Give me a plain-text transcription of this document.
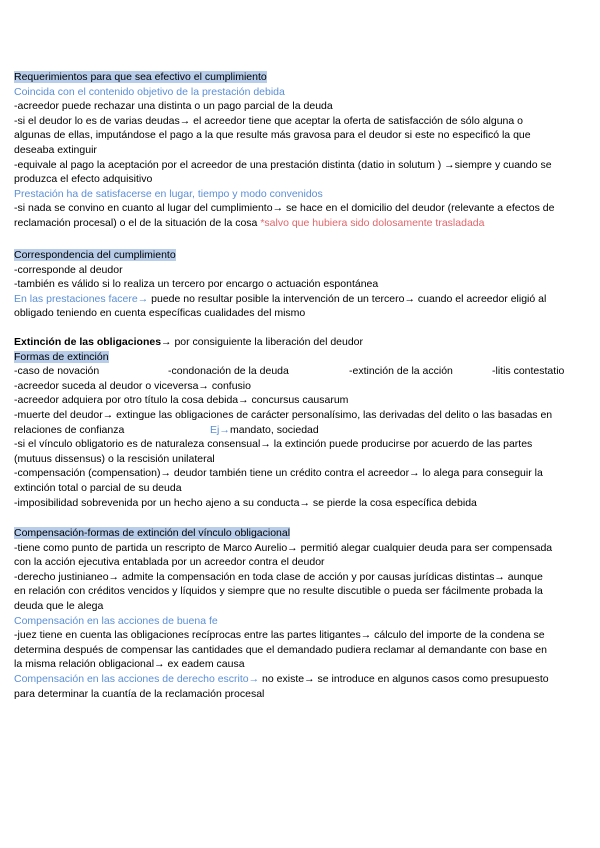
Requerimientos para que sea efectivo el cumplimiento
Coincida con el contenido objetivo de la prestación debida
-acreedor puede rechazar una distinta o un pago parcial de la deuda
-si el deudor lo es de varias deudas→ el acreedor tiene que aceptar la oferta de satisfacción de sólo alguna o
algunas de ellas, imputándose el pago a la que resulte más gravosa para el deudor si este no especificó la que
deseaba extinguir
-equivale al pago la aceptación por el acreedor de una prestación distinta (datio in solutum ) →siempre y cuando se
produzca el efecto adquisitivo
Prestación ha de satisfacerse en lugar, tiempo y modo convenidos
-si nada se convino en cuanto al lugar del cumplimiento→ se hace en el domicilio del deudor (relevante a efectos de
reclamación procesal) o el de la situación de la cosa *salvo que hubiera sido dolosamente trasladada
Correspondencia del cumplimiento
-corresponde al deudor
-también es válido si lo realiza un tercero por encargo o actuación espontánea
En las prestaciones facere→ puede no resultar posible la intervención de un tercero→ cuando el acreedor eligió al
obligado teniendo en cuenta específicas cualidades del mismo
Extinción de las obligaciones→ por consiguiente la liberación del deudor
Formas de extinción
-caso de novación	-condonación de la deuda	-extinción de la acción	-litis contestatio
-acreedor suceda al deudor o viceversa→ confusio
-acreedor adquiera por otro título la cosa debida→ concursus causarum
-muerte del deudor→ extingue las obligaciones de carácter personalísimo, las derivadas del delito o las basadas en
relaciones de confianza	Ej→ mandato, sociedad
-si el vínculo obligatorio es de naturaleza consensual→ la extinción puede producirse por acuerdo de las partes
(mutuus dissensus) o la rescisión unilateral
-compensación (compensation)→ deudor también tiene un crédito contra el acreedor→ lo alega para conseguir la
extinción total o parcial de su deuda
-imposibilidad sobrevenida por un hecho ajeno a su conducta→ se pierde la cosa específica debida
Compensación-formas de extinción del vínculo obligacional
-tiene como punto de partida un rescripto de Marco Aurelio→ permitió alegar cualquier deuda para ser compensada
con la acción ejecutiva entablada por un acreedor contra el deudor
-derecho justinianeo→ admite la compensación en toda clase de acción y por causas jurídicas distintas→ aunque
en relación con créditos vencidos y líquidos y siempre que no resulte discutible o pueda ser fácilmente probada la
deuda que le alega
Compensación en las acciones de buena fe
-juez tiene en cuenta las obligaciones recíprocas entre las partes litigantes→ cálculo del importe de la condena se
determina después de compensar las cantidades que el demandado pudiera reclamar al demandante con base en
la misma relación obligacional→ ex eadem causa
Compensación en las acciones de derecho escrito→ no existe→ se introduce en algunos casos como presupuesto
para determinar la cuantía de la reclamación procesal
